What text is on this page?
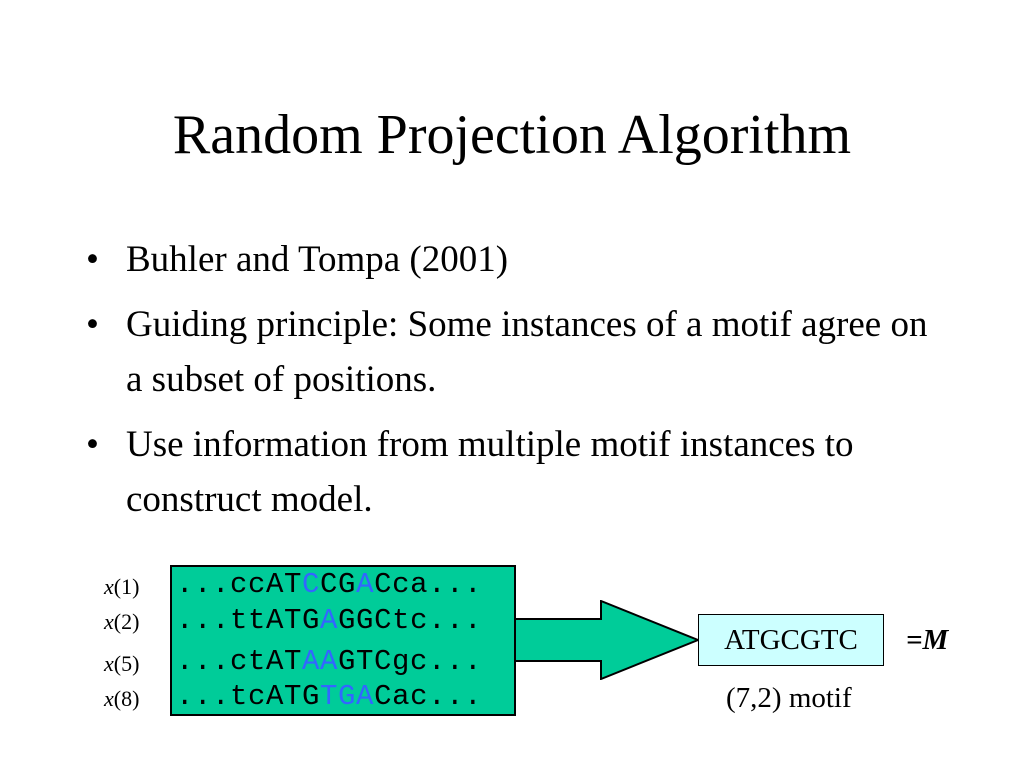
Random Projection Algorithm
• Buhler and Tompa (2001)
• Guiding principle: Some instances of a motif agree on a subset of positions.
• Use information from multiple motif instances to construct model.
x(1)
x(2)
x(5)
x(8)
...ccATCCGACca...
...ttATGAGGCtc...
...ctATAAGTCgc...
...tcATGTGACac...
ATGCGTC	=M
(7,2) motif
